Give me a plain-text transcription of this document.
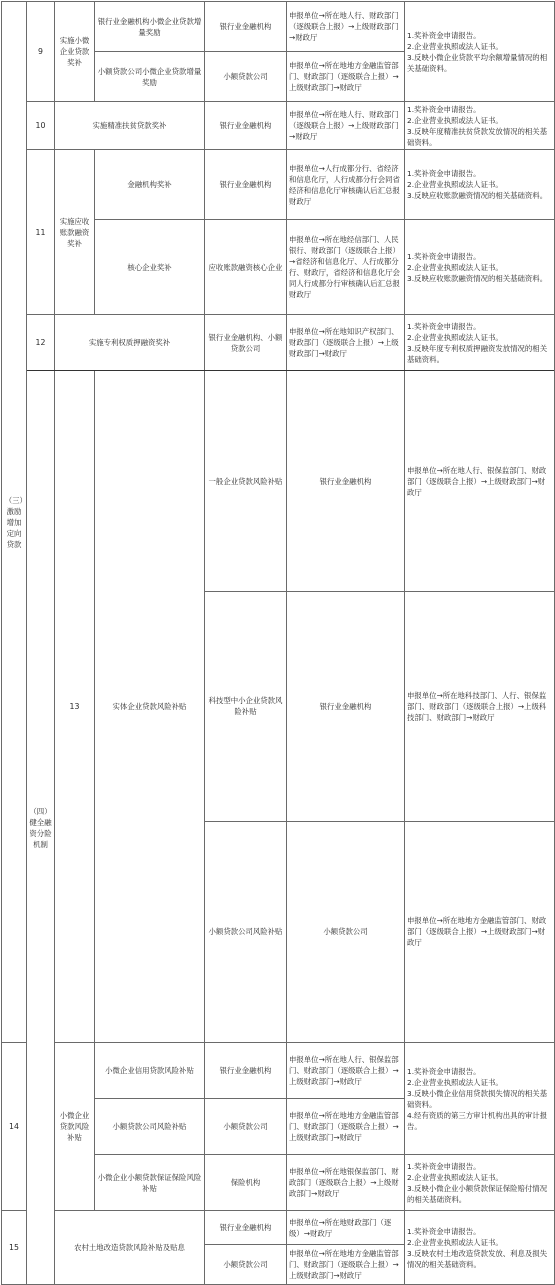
（三）激励增加定向贷款	9	实施小微企业贷款奖补	银行业金融机构小微企业贷款增量奖励	银行业金融机构	申报单位→所在地人行、财政部门（逐级联合上报）→上级财政部门→财政厅	1.奖补资金申请报告。
2.企业营业执照或法人证书。
3.反映小微企业贷款平均余额增量情况的相关基础资料。	
			小额贷款公司小微企业贷款增量奖励	小额贷款公司	申报单位→所在地地方金融监管部门、财政部门（逐级联合上报）→上级财政部门→财政厅		
	10	实施精准扶贫贷款奖补		银行业金融机构	申报单位→所在地人行、财政部门（逐级联合上报）→上级财政部门→财政厅	1.奖补资金申请报告。
2.企业营业执照或法人证书。
3.反映年度精准扶贫贷款发放情况的相关基础资料。	
	11	实施应收账款融资奖补	金融机构奖补	银行业金融机构	申报单位→人行成都分行、省经济和信息化厅，人行成都分行会同省经济和信息化厅审核确认后汇总报财政厅	1.奖补资金申请报告。
2.企业营业执照或法人证书。
3.反映应收账款融资情况的相关基础资料。	
			核心企业奖补	应收账款融资核心企业	申报单位→所在地经信部门、人民银行、财政部门（逐级联合上报）→省经济和信息化厅、人行成都分行、财政厅，省经济和信息化厅会同人行成都分行审核确认后汇总报财政厅	1.奖补资金申请报告。
2.企业营业执照或法人证书。
3.反映应收账款融资情况的相关基础资料。	
	12	实施专利权质押融资奖补		银行业金融机构、小额贷款公司	申报单位→所在地知识产权部门、财政部门（逐级联合上报）→上级财政部门→财政厅	1.奖补资金申请报告。
2.企业营业执照或法人证书。
3.反映年度专利权质押融资发放情况的相关基础资料。	
	（四）健全融资分险机制	13	实体企业贷款风险补贴	一般企业贷款风险补贴	银行业金融机构	申报单位→所在地人行、银保监部门、财政部门（逐级联合上报）→上级财政部门→财政厅	
				科技型中小企业贷款风险补贴	银行业金融机构	申报单位→所在地科技部门、人行、银保监部门、财政部门（逐级联合上报）→上级科技部门、财政部门→财政厅	
				小额贷款公司风险补贴	小额贷款公司	申报单位→所在地地方金融监管部门、财政部门（逐级联合上报）→上级财政部门→财政厅	
14		小微企业贷款风险补贴	小微企业信用贷款风险补贴	银行业金融机构	申报单位→所在地人行、银保监部门、财政部门（逐级联合上报）→上级财政部门→财政厅	1.奖补资金申请报告。
2.企业营业执照或法人证书。
3.反映小微企业信用贷款损失情况的相关基础资料。
4.经有资质的第三方审计机构出具的审计报告。	
			小额贷款公司风险补贴	小额贷款公司	申报单位→所在地地方金融监管部门、财政部门（逐级联合上报）→上级财政部门→财政厅		
			小微企业小额贷款保证保险风险补贴	保险机构	申报单位→所在地银保监部门、财政部门（逐级联合上报）→上级财政部门→财政厅	1.奖补资金申请报告。
2.企业营业执照或法人证书。
3.反映小微企业小额贷款保证保险赔付情况的相关基础资料。	
15		农村土地改造贷款风险补贴及贴息		银行业金融机构	申报单位→所在地财政部门（逐级）→财政厅	1.奖补资金申请报告。
2.企业营业执照或法人证书。
3.反映农村土地改造贷款发放、利息及损失情况的相关基础资料。	
				小额贷款公司	申报单位→所在地地方金融监管部门、财政部门（逐级联合上报）→上级财政部门→财政厅		
